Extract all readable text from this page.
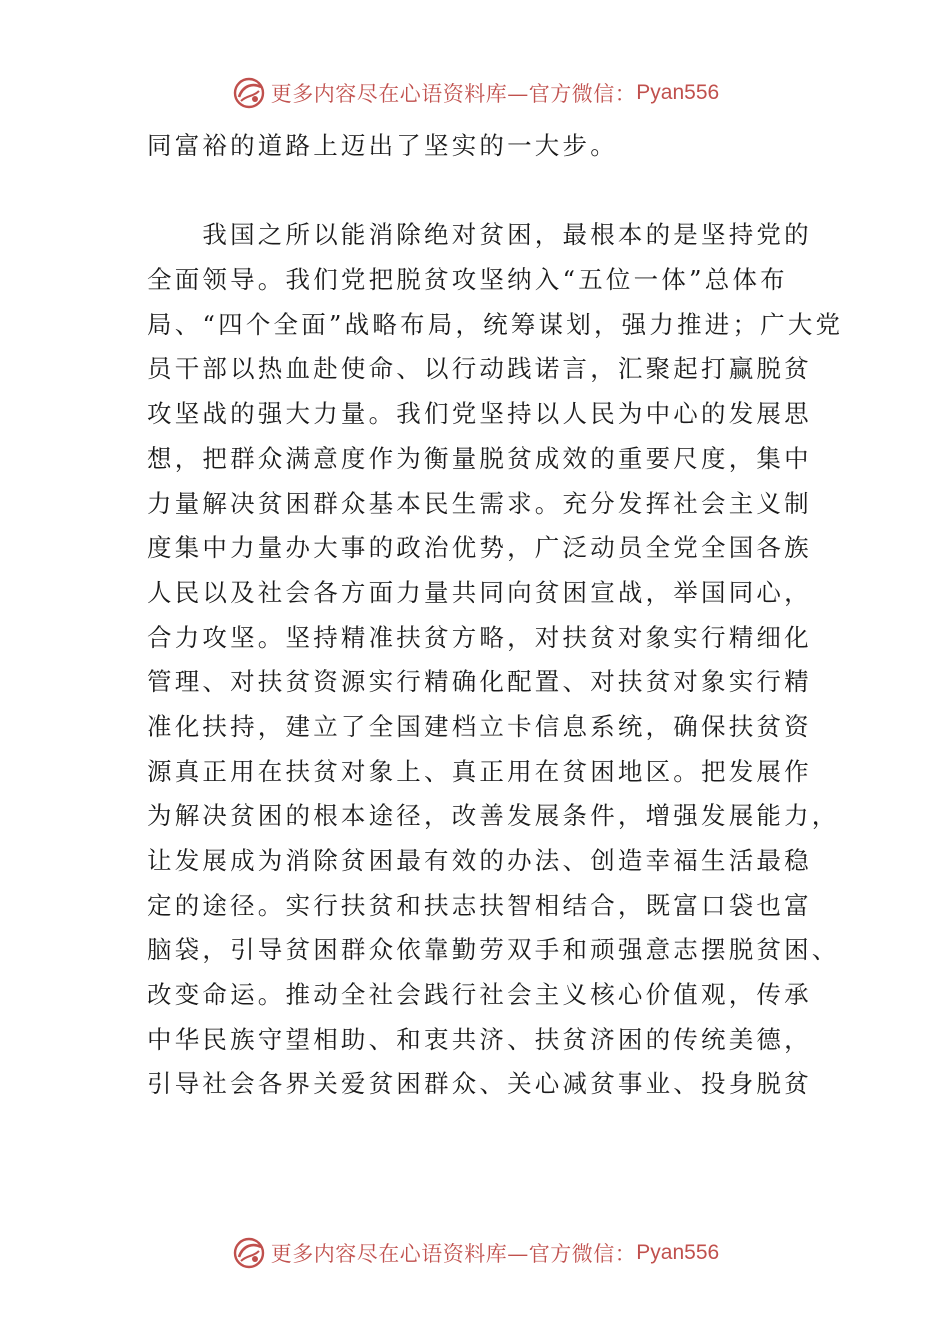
更多内容尽在心语资料库—官方微信： Pyan556
同富裕的道路上迈出了坚实的一大步。
　　我国之所以能消除绝对贫困，最根本的是坚持党的
全面领导。我们党把脱贫攻坚纳入“五位一体”总体布
局、“四个全面”战略布局，统筹谋划，强力推进；广大党
员干部以热血赴使命、以行动践诺言，汇聚起打赢脱贫
攻坚战的强大力量。我们党坚持以人民为中心的发展思
想，把群众满意度作为衡量脱贫成效的重要尺度，集中
力量解决贫困群众基本民生需求。充分发挥社会主义制
度集中力量办大事的政治优势，广泛动员全党全国各族
人民以及社会各方面力量共同向贫困宣战，举国同心，
合力攻坚。坚持精准扶贫方略，对扶贫对象实行精细化
管理、对扶贫资源实行精确化配置、对扶贫对象实行精
准化扶持，建立了全国建档立卡信息系统，确保扶贫资
源真正用在扶贫对象上、真正用在贫困地区。把发展作
为解决贫困的根本途径，改善发展条件，增强发展能力，
让发展成为消除贫困最有效的办法、创造幸福生活最稳
定的途径。实行扶贫和扶志扶智相结合，既富口袋也富
脑袋，引导贫困群众依靠勤劳双手和顽强意志摆脱贫困、
改变命运。推动全社会践行社会主义核心价值观，传承
中华民族守望相助、和衷共济、扶贫济困的传统美德，
引导社会各界关爱贫困群众、关心减贫事业、投身脱贫
更多内容尽在心语资料库—官方微信： Pyan556
